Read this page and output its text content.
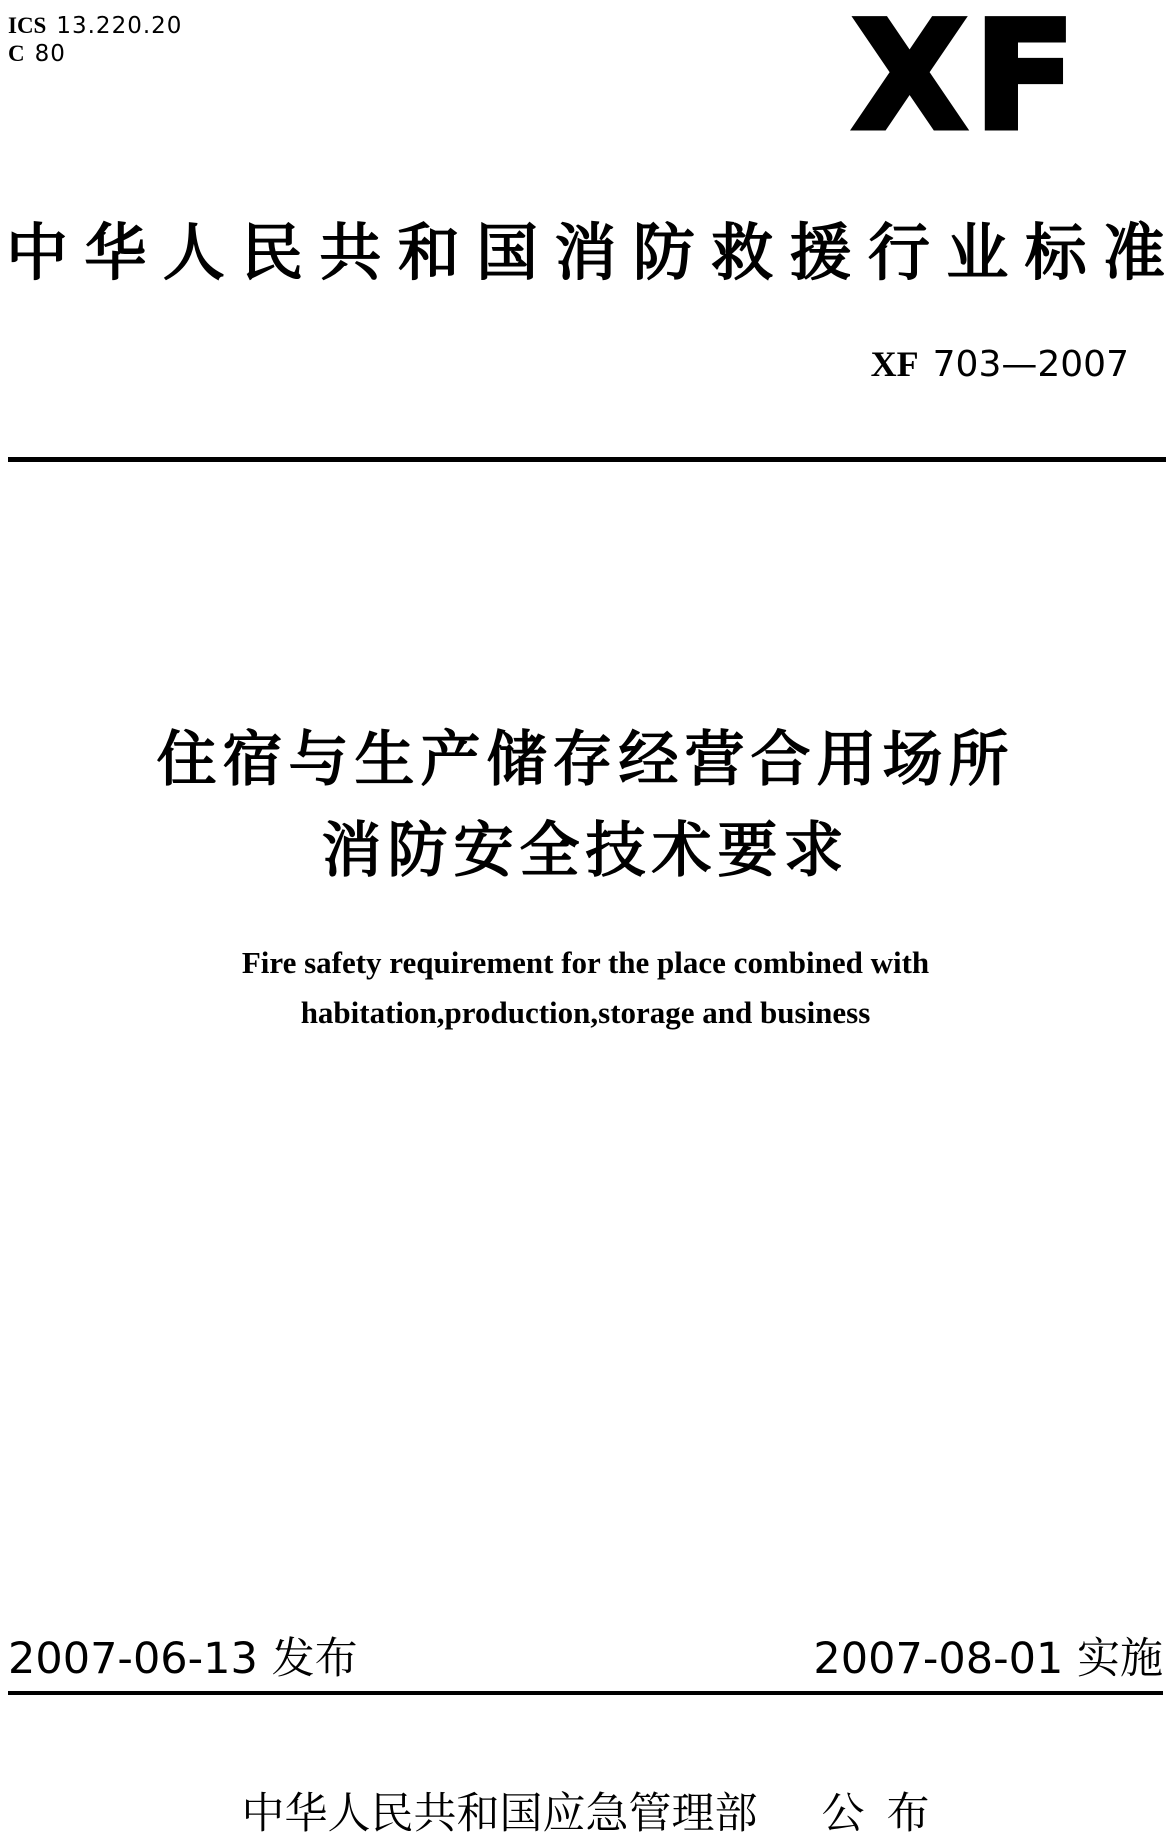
ICS 13.220.20
C 80	XF
中华人民共和国消防救援行业标准
XF 703—2007
住宿与生产储存经营合用场所
消防安全技术要求
Fire safety requirement for the place combined with
habitation,production,storage and business
2007-06-13 发布	2007-08-01 实施
中华人民共和国应急管理部 公 布
